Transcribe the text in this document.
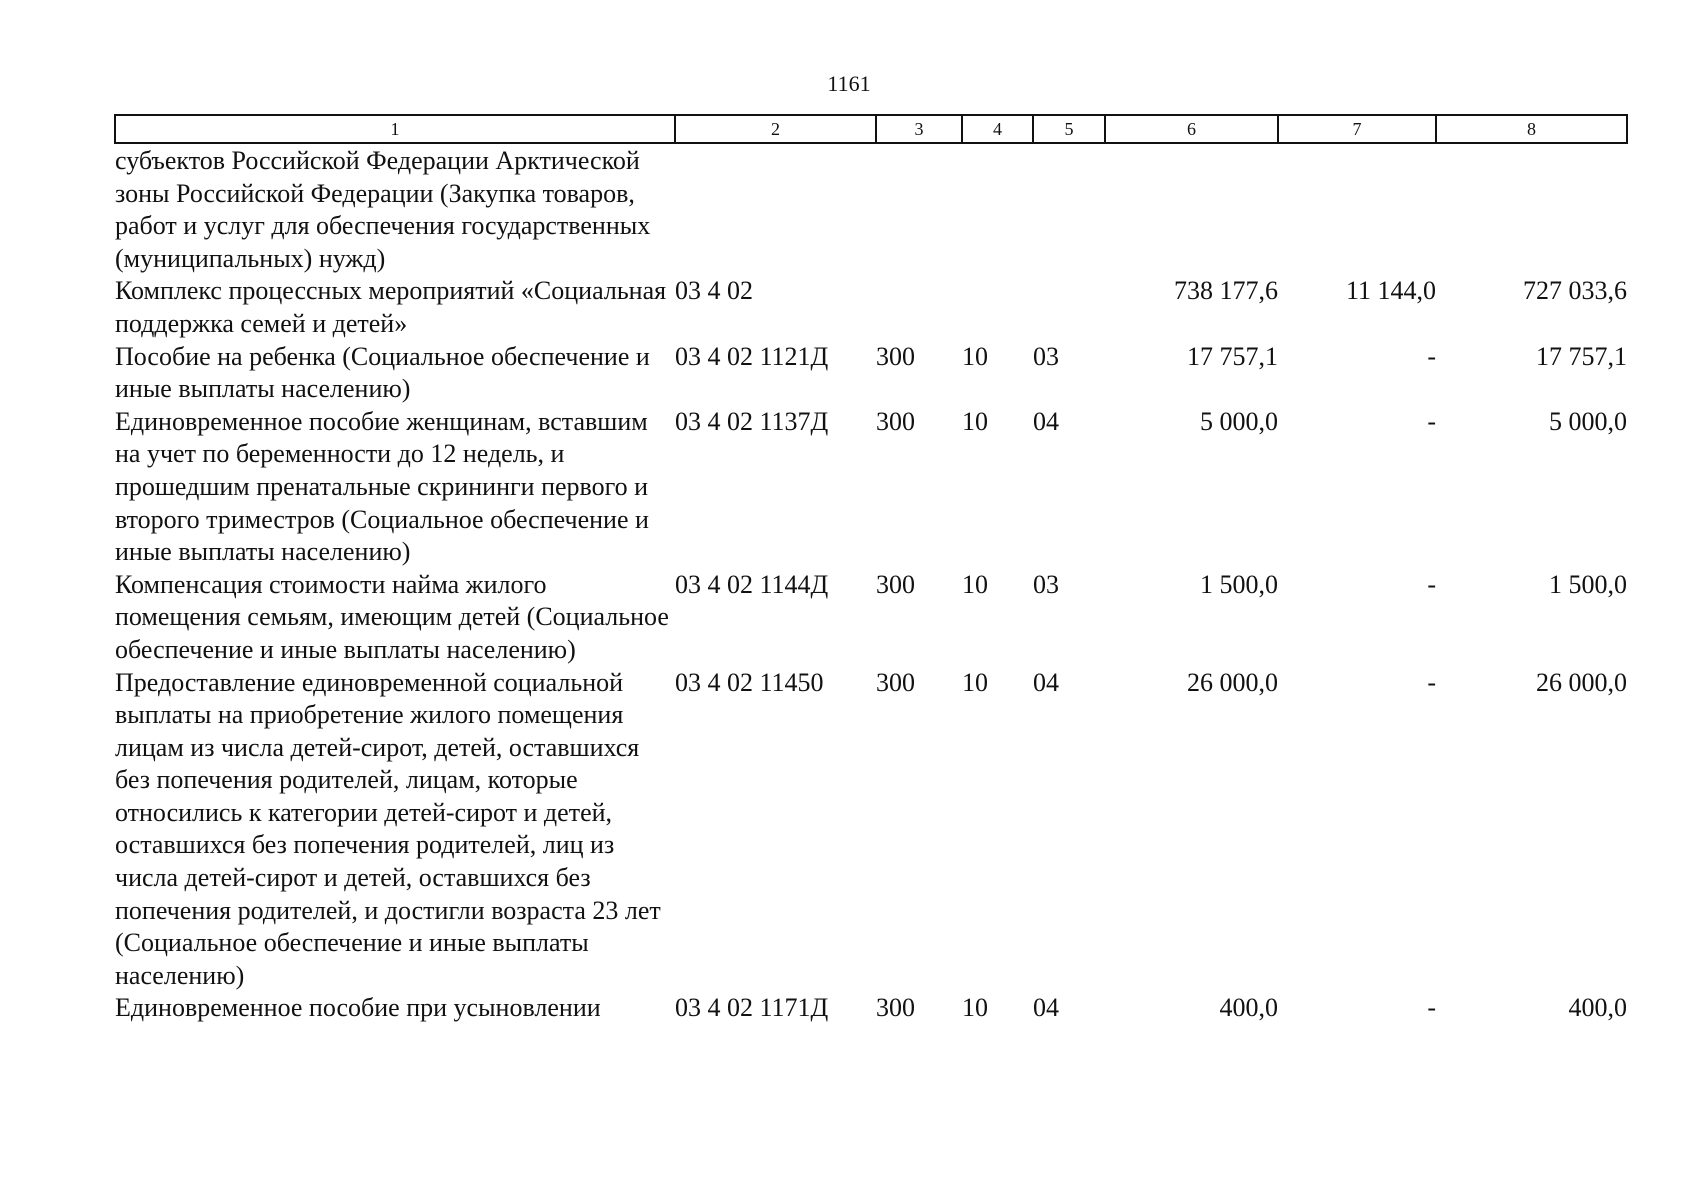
1161
1	2	3	4	5	6	7	8
субъектов Российской Федерации Арктической зоны Российской Федерации (Закупка товаров, работ и услуг для обеспечения государственных (муниципальных) нужд)							
Комплекс процессных мероприятий «Социальная поддержка семей и детей»	03 4 02				738 177,6	11 144,0	727 033,6
Пособие на ребенка (Социальное обеспечение и иные выплаты населению)	03 4 02 1121Д	300	10	03	17 757,1	-	17 757,1
Единовременное пособие женщинам, вставшим на учет по беременности до 12 недель, и прошедшим пренатальные скрининги первого и второго триместров (Социальное обеспечение и иные выплаты населению)	03 4 02 1137Д	300	10	04	5 000,0	-	5 000,0
Компенсация стоимости найма жилого помещения семьям, имеющим детей (Социальное обеспечение и иные выплаты населению)	03 4 02 1144Д	300	10	03	1 500,0	-	1 500,0
Предоставление единовременной социальной выплаты на приобретение жилого помещения лицам из числа детей-сирот, детей, оставшихся без попечения родителей, лицам, которые относились к категории детей-сирот и детей, оставшихся без попечения родителей, лиц из числа детей-сирот и детей, оставшихся без попечения родителей, и достигли возраста 23 лет (Социальное обеспечение и иные выплаты населению)	03 4 02 11450	300	10	04	26 000,0	-	26 000,0
Единовременное пособие при усыновлении	03 4 02 1171Д	300	10	04	400,0	-	400,0
